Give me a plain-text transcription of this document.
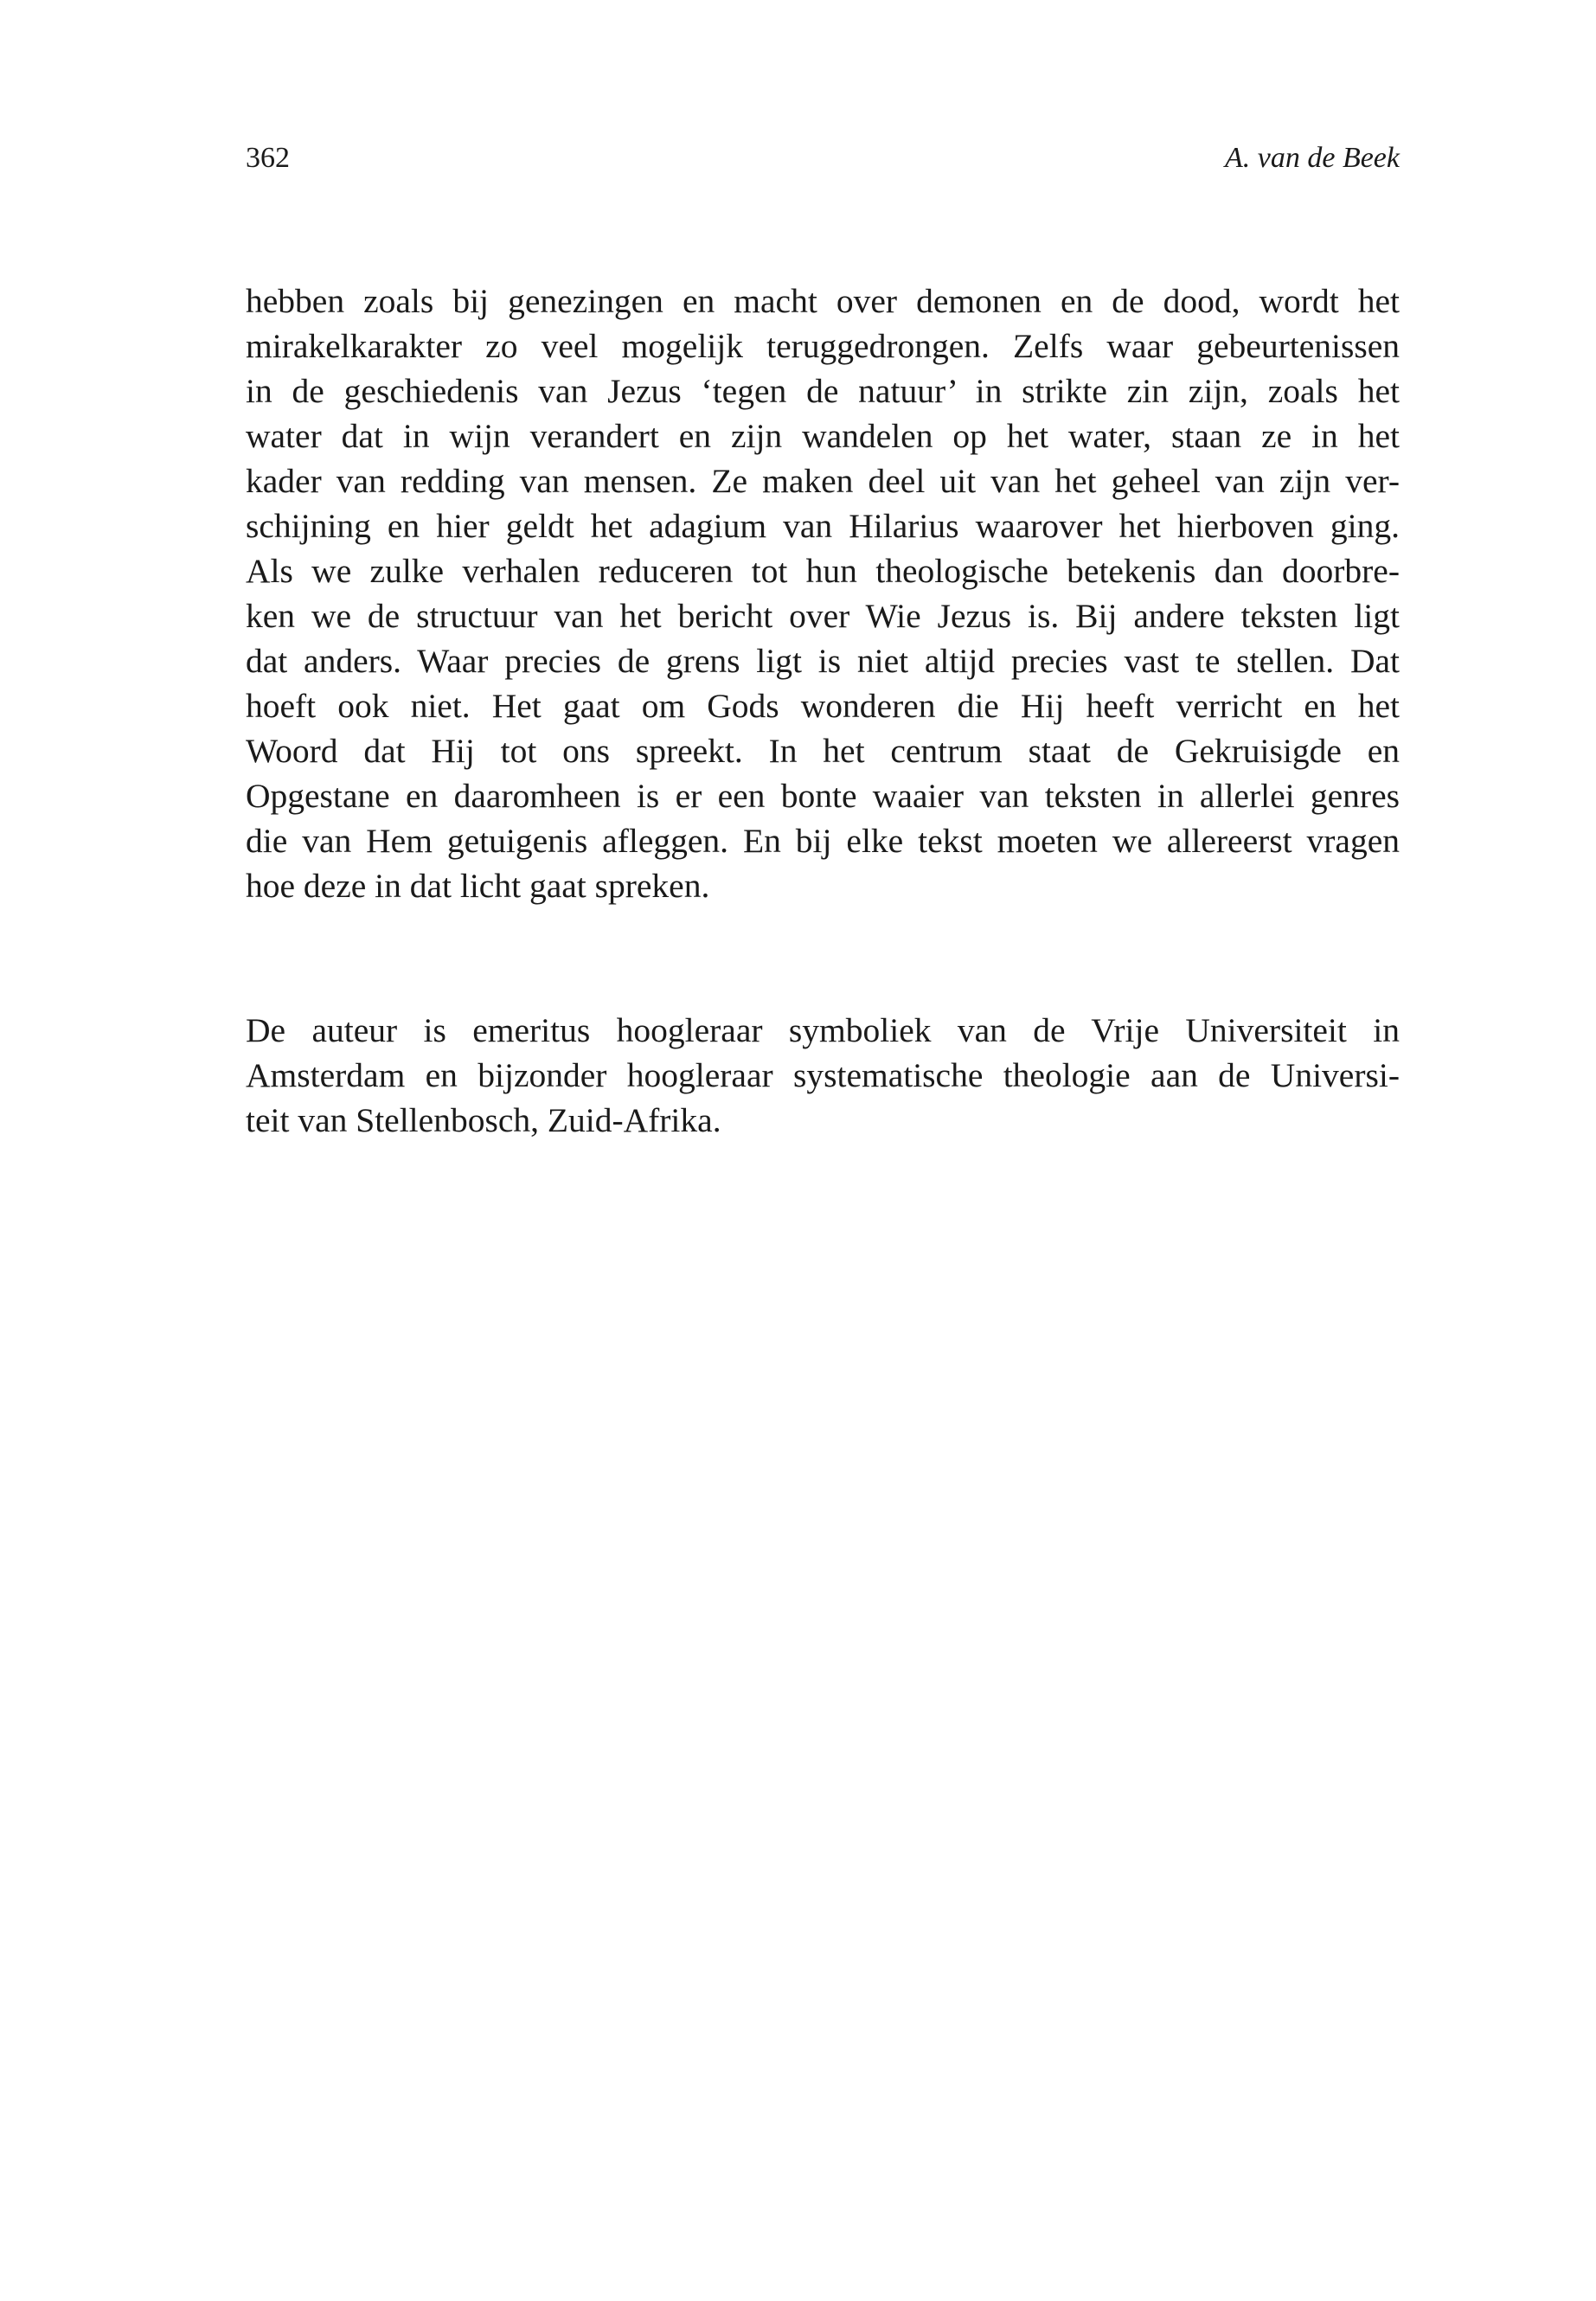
362	A. van de Beek
hebben zoals bij genezingen en macht over demonen en de dood, wordt het
mirakelkarakter zo veel mogelijk teruggedrongen. Zelfs waar gebeurtenissen
in de geschiedenis van Jezus ‘tegen de natuur’ in strikte zin zijn, zoals het
water dat in wijn verandert en zijn wandelen op het water, staan ze in het
kader van redding van mensen. Ze maken deel uit van het geheel van zijn ver-
schijning en hier geldt het adagium van Hilarius waarover het hierboven ging.
Als we zulke verhalen reduceren tot hun theologische betekenis dan doorbre-
ken we de structuur van het bericht over Wie Jezus is. Bij andere teksten ligt
dat anders. Waar precies de grens ligt is niet altijd precies vast te stellen. Dat
hoeft ook niet. Het gaat om Gods wonderen die Hij heeft verricht en het
Woord dat Hij tot ons spreekt. In het centrum staat de Gekruisigde en
Opgestane en daaromheen is er een bonte waaier van teksten in allerlei genres
die van Hem getuigenis afleggen. En bij elke tekst moeten we allereerst vragen
hoe deze in dat licht gaat spreken.
De auteur is emeritus hoogleraar symboliek van de Vrije Universiteit in
Amsterdam en bijzonder hoogleraar systematische theologie aan de Universi-
teit van Stellenbosch, Zuid-Afrika.
